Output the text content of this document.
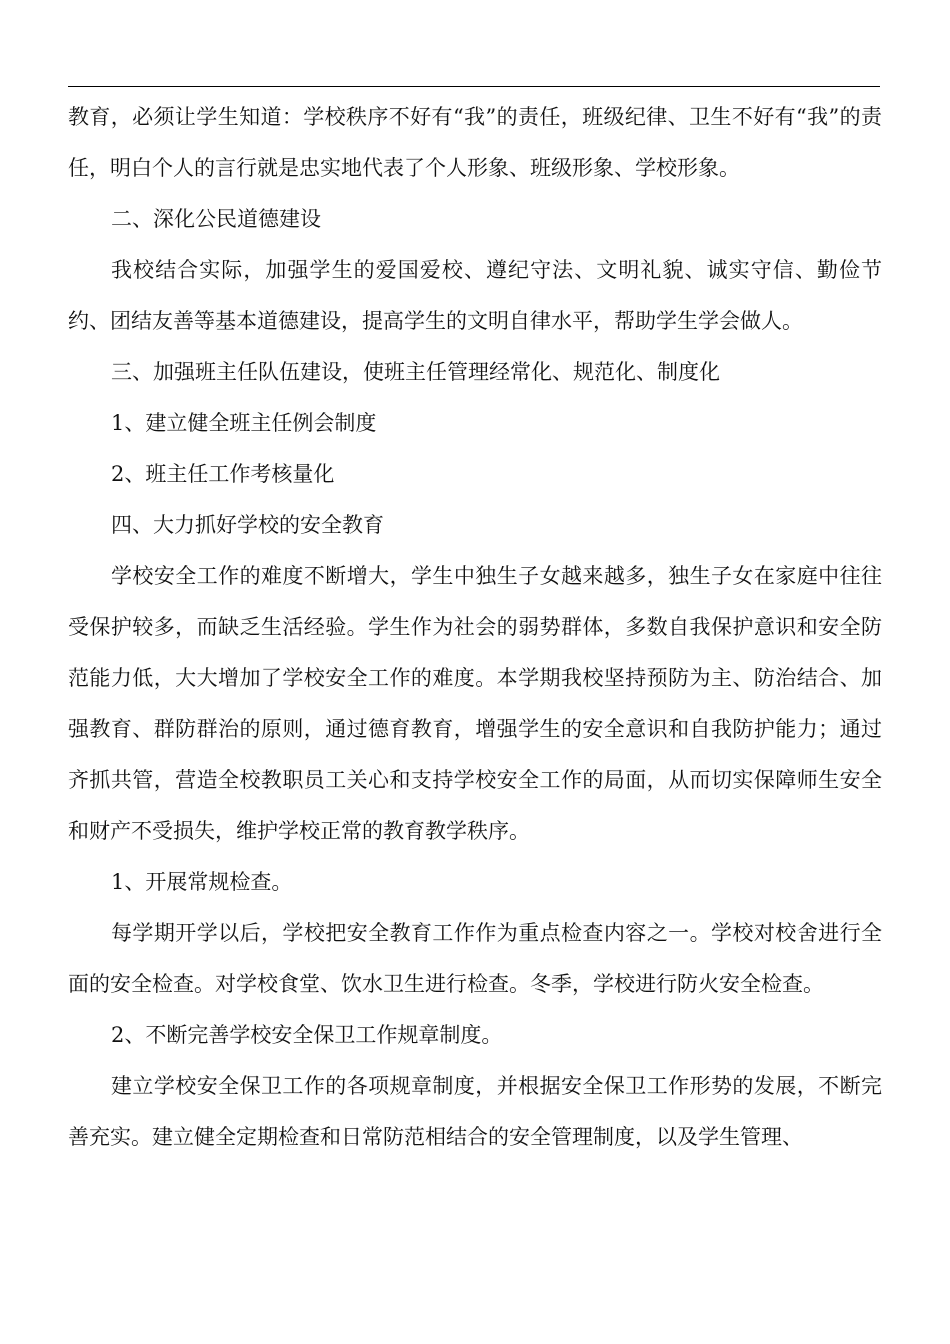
教育，必须让学生知道：学校秩序不好有“我”的责任，班级纪律、卫生不好有“我”的责任，明白个人的言行就是忠实地代表了个人形象、班级形象、学校形象。

二、深化公民道德建设

我校结合实际，加强学生的爱国爱校、遵纪守法、文明礼貌、诚实守信、勤俭节约、团结友善等基本道德建设，提高学生的文明自律水平，帮助学生学会做人。

三、加强班主任队伍建设，使班主任管理经常化、规范化、制度化

1、建立健全班主任例会制度

2、班主任工作考核量化

四、大力抓好学校的安全教育

学校安全工作的难度不断增大，学生中独生子女越来越多，独生子女在家庭中往往受保护较多，而缺乏生活经验。学生作为社会的弱势群体，多数自我保护意识和安全防范能力低，大大增加了学校安全工作的难度。本学期我校坚持预防为主、防治结合、加强教育、群防群治的原则，通过德育教育，增强学生的安全意识和自我防护能力；通过齐抓共管，营造全校教职员工关心和支持学校安全工作的局面，从而切实保障师生安全和财产不受损失，维护学校正常的教育教学秩序。

1、开展常规检查。

每学期开学以后，学校把安全教育工作作为重点检查内容之一。学校对校舍进行全面的安全检查。对学校食堂、饮水卫生进行检查。冬季，学校进行防火安全检查。

2、不断完善学校安全保卫工作规章制度。

建立学校安全保卫工作的各项规章制度，并根据安全保卫工作形势的发展，不断完善充实。建立健全定期检查和日常防范相结合的安全管理制度，以及学生管理、
